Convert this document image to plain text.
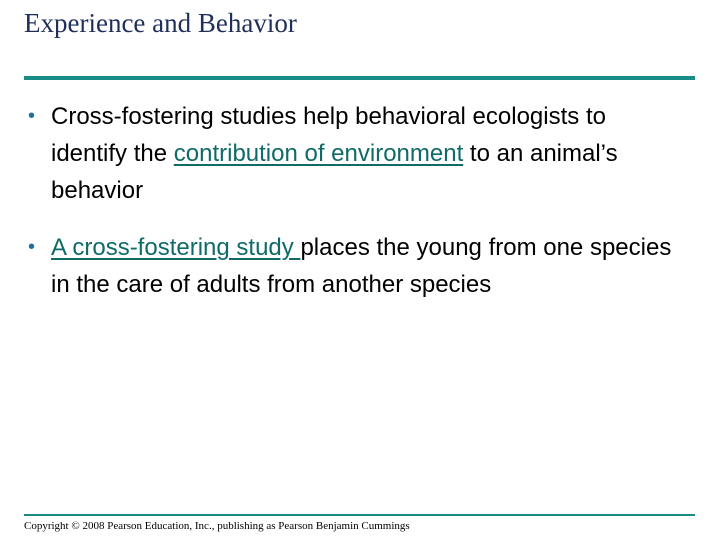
Experience and Behavior
• Cross-fostering studies help behavioral ecologists to identify the contribution of environment to an animal’s behavior
• A cross-fostering study places the young from one species in the care of adults from another species
Copyright © 2008 Pearson Education, Inc., publishing as Pearson Benjamin Cummings
